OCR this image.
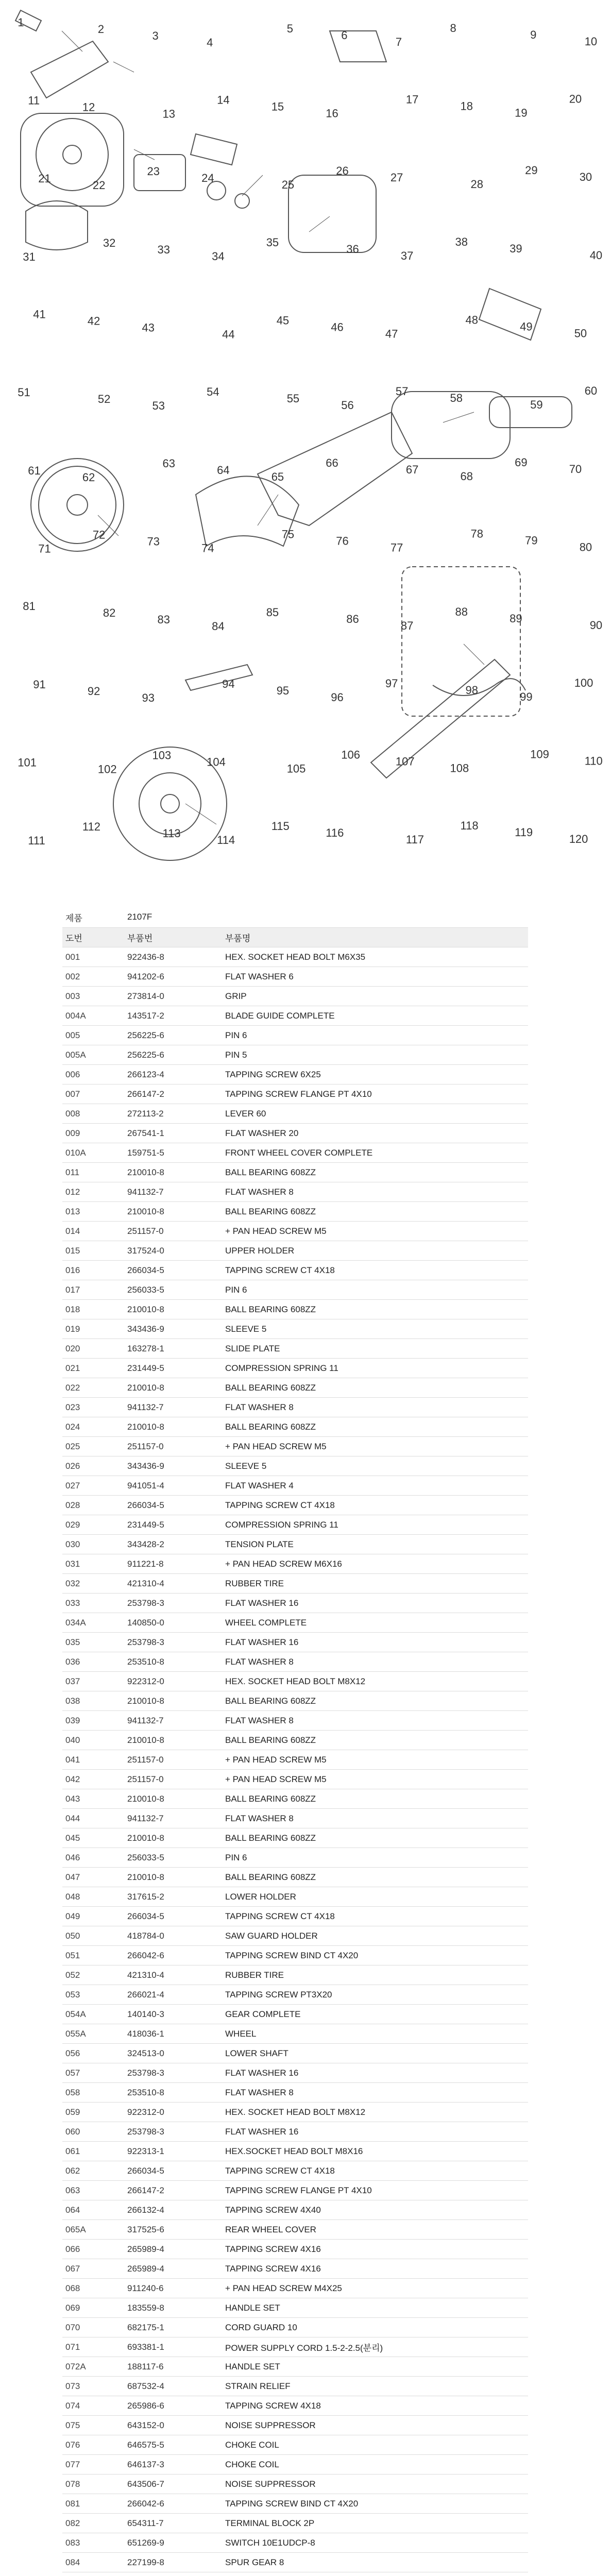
1
2
3
4
5
6
7
8
9
10
11
12
13
14
15
16
17
18
19
20
21
22
23
24
25
26
27
28
29
30
31
32
33
34
35
36
37
38
39
40
41
42
43
44
45
46
47
48
49
50
51
52
53
54
55
56
57
58
59
60
61
62
63
64
65
66
67
68
69
70
71
72
73
74
75
76
77
78
79
80
81
82
83
84
85
86
87
88
89
90
91
92
93
94
95
96
97
98
99
100
101
102
103
104
105
106
107
108
109
110
111
112
113
114
115
116
117
118
119
120
제품	2107F	
도번	부품번	부품명
001	922436-8	HEX. SOCKET HEAD BOLT M6X35
002	941202-6	FLAT WASHER 6
003	273814-0	GRIP
004A	143517-2	BLADE GUIDE COMPLETE
005	256225-6	PIN 6
005A	256225-6	PIN 5
006	266123-4	TAPPING SCREW 6X25
007	266147-2	TAPPING SCREW FLANGE PT 4X10
008	272113-2	LEVER 60
009	267541-1	FLAT WASHER 20
010A	159751-5	FRONT WHEEL COVER COMPLETE
011	210010-8	BALL BEARING 608ZZ
012	941132-7	FLAT WASHER 8
013	210010-8	BALL BEARING 608ZZ
014	251157-0	+ PAN HEAD SCREW M5
015	317524-0	UPPER HOLDER
016	266034-5	TAPPING SCREW CT 4X18
017	256033-5	PIN 6
018	210010-8	BALL BEARING 608ZZ
019	343436-9	SLEEVE 5
020	163278-1	SLIDE PLATE
021	231449-5	COMPRESSION SPRING 11
022	210010-8	BALL BEARING 608ZZ
023	941132-7	FLAT WASHER 8
024	210010-8	BALL BEARING 608ZZ
025	251157-0	+ PAN HEAD SCREW M5
026	343436-9	SLEEVE 5
027	941051-4	FLAT WASHER 4
028	266034-5	TAPPING SCREW CT 4X18
029	231449-5	COMPRESSION SPRING 11
030	343428-2	TENSION PLATE
031	911221-8	+ PAN HEAD SCREW M6X16
032	421310-4	RUBBER TIRE
033	253798-3	FLAT WASHER 16
034A	140850-0	WHEEL COMPLETE
035	253798-3	FLAT WASHER 16
036	253510-8	FLAT WASHER 8
037	922312-0	HEX. SOCKET HEAD BOLT M8X12
038	210010-8	BALL BEARING 608ZZ
039	941132-7	FLAT WASHER 8
040	210010-8	BALL BEARING 608ZZ
041	251157-0	+ PAN HEAD SCREW M5
042	251157-0	+ PAN HEAD SCREW M5
043	210010-8	BALL BEARING 608ZZ
044	941132-7	FLAT WASHER 8
045	210010-8	BALL BEARING 608ZZ
046	256033-5	PIN 6
047	210010-8	BALL BEARING 608ZZ
048	317615-2	LOWER HOLDER
049	266034-5	TAPPING SCREW CT 4X18
050	418784-0	SAW GUARD HOLDER
051	266042-6	TAPPING SCREW BIND CT 4X20
052	421310-4	RUBBER TIRE
053	266021-4	TAPPING SCREW PT3X20
054A	140140-3	GEAR COMPLETE
055A	418036-1	WHEEL
056	324513-0	LOWER SHAFT
057	253798-3	FLAT WASHER 16
058	253510-8	FLAT WASHER 8
059	922312-0	HEX. SOCKET HEAD BOLT M8X12
060	253798-3	FLAT WASHER 16
061	922313-1	HEX.SOCKET HEAD BOLT M8X16
062	266034-5	TAPPING SCREW CT 4X18
063	266147-2	TAPPING SCREW FLANGE PT 4X10
064	266132-4	TAPPING SCREW 4X40
065A	317525-6	REAR WHEEL COVER
066	265989-4	TAPPING SCREW 4X16
067	265989-4	TAPPING SCREW 4X16
068	911240-6	+ PAN HEAD SCREW M4X25
069	183559-8	HANDLE SET
070	682175-1	CORD GUARD 10
071	693381-1	POWER SUPPLY CORD 1.5-2-2.5(분리)
072A	188117-6	HANDLE SET
073	687532-4	STRAIN RELIEF
074	265986-6	TAPPING SCREW 4X18
075	643152-0	NOISE SUPPRESSOR
076	646575-5	CHOKE COIL
077	646137-3	CHOKE COIL
078	643506-7	NOISE SUPPRESSOR
081	266042-6	TAPPING SCREW BIND CT 4X20
082	654311-7	TERMINAL BLOCK 2P
083	651269-9	SWITCH 10E1UDCP-8
084	227199-8	SPUR GEAR 8
